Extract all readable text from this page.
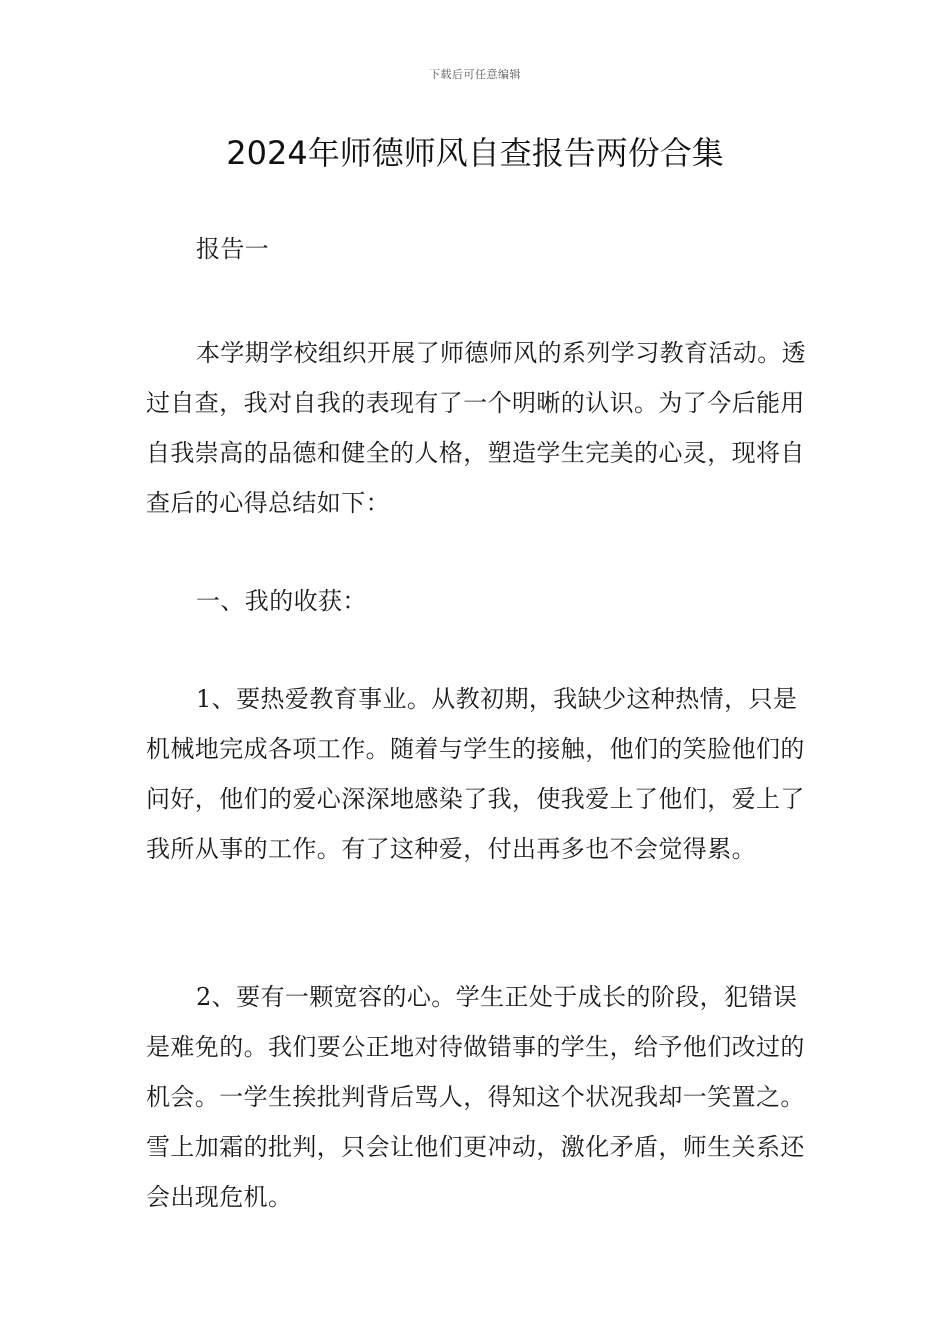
下载后可任意编辑
2024年师德师风自查报告两份合集

报告一

本学期学校组织开展了师德师风的系列学习教育活动。透过自查，我对自我的表现有了一个明晰的认识。为了今后能用自我崇高的品德和健全的人格，塑造学生完美的心灵，现将自查后的心得总结如下：

一、我的收获：

1、要热爱教育事业。从教初期，我缺少这种热情，只是机械地完成各项工作。随着与学生的接触，他们的笑脸他们的问好，他们的爱心深深地感染了我，使我爱上了他们，爱上了我所从事的工作。有了这种爱，付出再多也不会觉得累。

2、要有一颗宽容的心。学生正处于成长的阶段，犯错误是难免的。我们要公正地对待做错事的学生，给予他们改过的机会。一学生挨批判背后骂人，得知这个状况我却一笑置之。雪上加霜的批判，只会让他们更冲动，激化矛盾，师生关系还会出现危机。
